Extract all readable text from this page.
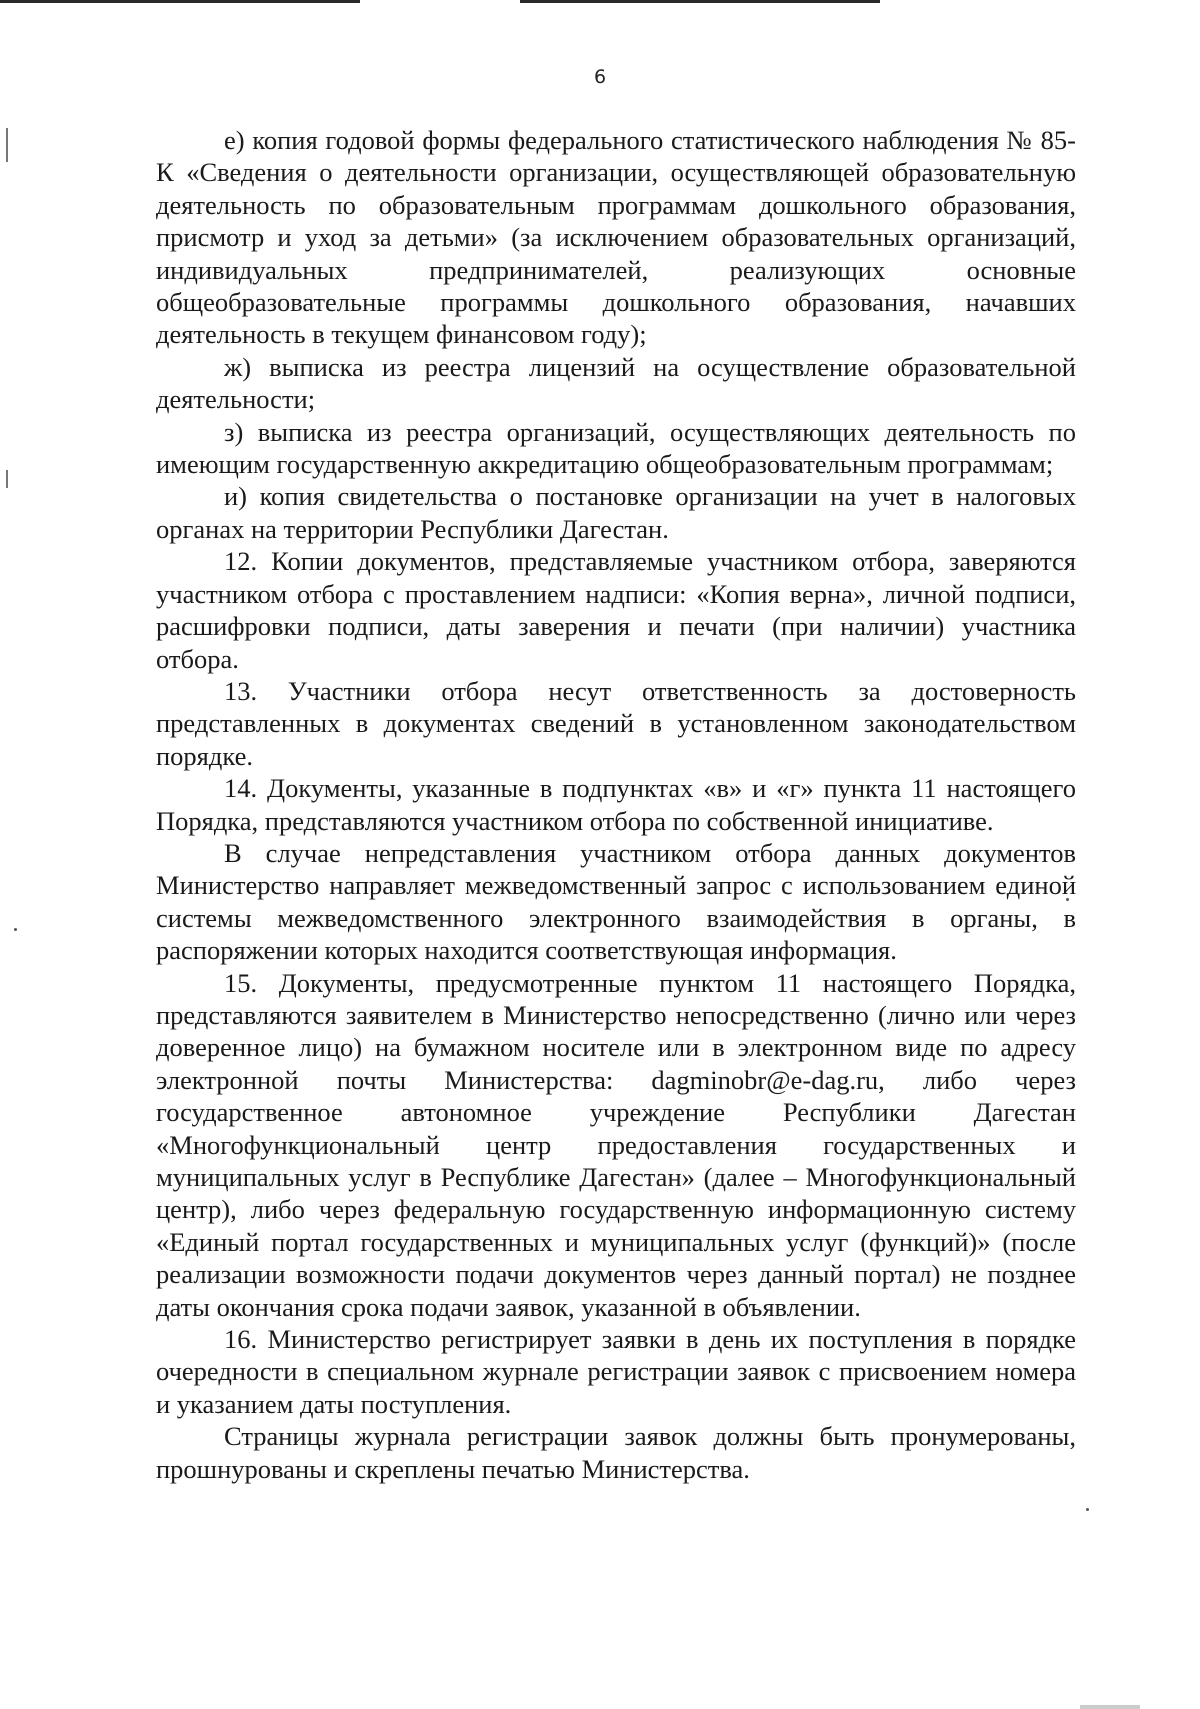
6

е) копия годовой формы федерального статистического наблюдения № 85-К «Сведения о деятельности организации, осуществляющей образовательную деятельность по образовательным программам дошкольного образования, присмотр и уход за детьми» (за исключением образовательных организаций, индивидуальных предпринимателей, реализующих основные общеобразовательные программы дошкольного образования, начавших деятельность в текущем финансовом году);

ж) выписка из реестра лицензий на осуществление образовательной деятельности;

з) выписка из реестра организаций, осуществляющих деятельность по имеющим государственную аккредитацию общеобразовательным программам;

и) копия свидетельства о постановке организации на учет в налоговых органах на территории Республики Дагестан.

12. Копии документов, представляемые участником отбора, заверяются участником отбора с проставлением надписи: «Копия верна», личной подписи, расшифровки подписи, даты заверения и печати (при наличии) участника отбора.

13. Участники отбора несут ответственность за достоверность представленных в документах сведений в установленном законодательством порядке.

14. Документы, указанные в подпунктах «в» и «г» пункта 11 настоящего Порядка, представляются участником отбора по собственной инициативе.

В случае непредставления участником отбора данных документов Министерство направляет межведомственный запрос с использованием единой системы межведомственного электронного взаимодействия в органы, в распоряжении которых находится соответствующая информация.

15. Документы, предусмотренные пунктом 11 настоящего Порядка, представляются заявителем в Министерство непосредственно (лично или через доверенное лицо) на бумажном носителе или в электронном виде по адресу электронной почты Министерства: dagminobr@e-dag.ru, либо через государственное автономное учреждение Республики Дагестан «Многофункциональный центр предоставления государственных и муниципальных услуг в Республике Дагестан» (далее – Многофункциональный центр), либо через федеральную государственную информационную систему «Единый портал государственных и муниципальных услуг (функций)» (после реализации возможности подачи документов через данный портал) не позднее даты окончания срока подачи заявок, указанной в объявлении.

16. Министерство регистрирует заявки в день их поступления в порядке очередности в специальном журнале регистрации заявок с присвоением номера и указанием даты поступления.

Страницы журнала регистрации заявок должны быть пронумерованы, прошнурованы и скреплены печатью Министерства.
